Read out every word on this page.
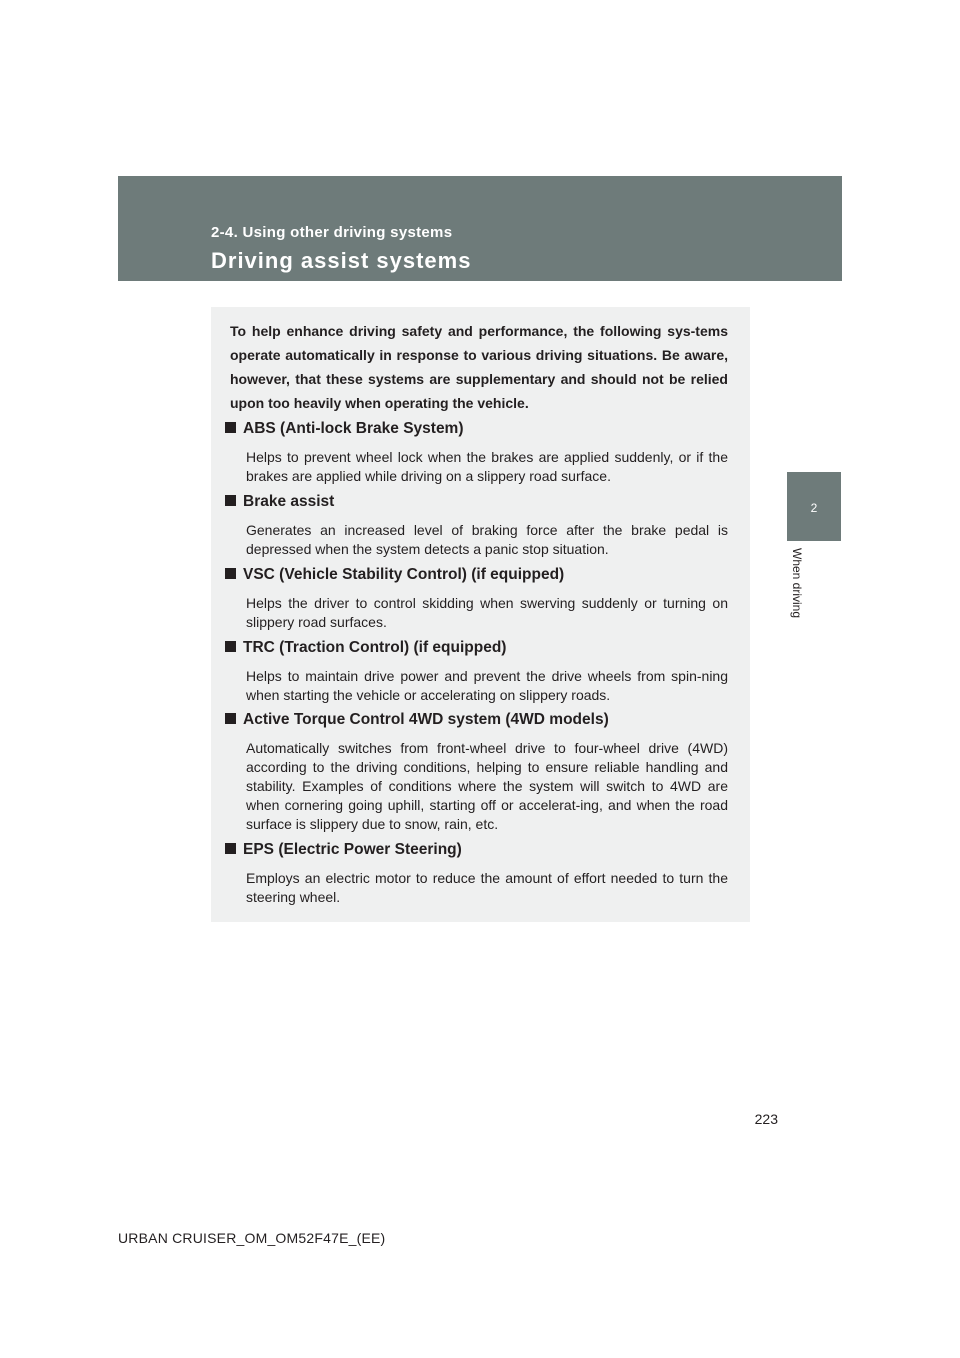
2-4. Using other driving systems
Driving assist systems
2
When driving
To help enhance driving safety and performance, the following sys-tems operate automatically in response to various driving situations. Be aware, however, that these systems are supplementary and should not be relied upon too heavily when operating the vehicle.
ABS (Anti-lock Brake System)
Helps to prevent wheel lock when the brakes are applied suddenly, or if the brakes are applied while driving on a slippery road surface.
Brake assist
Generates an increased level of braking force after the brake pedal is depressed when the system detects a panic stop situation.
VSC (Vehicle Stability Control) (if equipped)
Helps the driver to control skidding when swerving suddenly or turning on slippery road surfaces.
TRC (Traction Control) (if equipped)
Helps to maintain drive power and prevent the drive wheels from spin-ning when starting the vehicle or accelerating on slippery roads.
Active Torque Control 4WD system (4WD models)
Automatically switches from front-wheel drive to four-wheel drive (4WD) according to the driving conditions, helping to ensure reliable handling and stability. Examples of conditions where the system will switch to 4WD are when cornering going uphill, starting off or accelerat-ing, and when the road surface is slippery due to snow, rain, etc.
EPS (Electric Power Steering)
Employs an electric motor to reduce the amount of effort needed to turn the steering wheel.
223
URBAN CRUISER_OM_OM52F47E_(EE)
